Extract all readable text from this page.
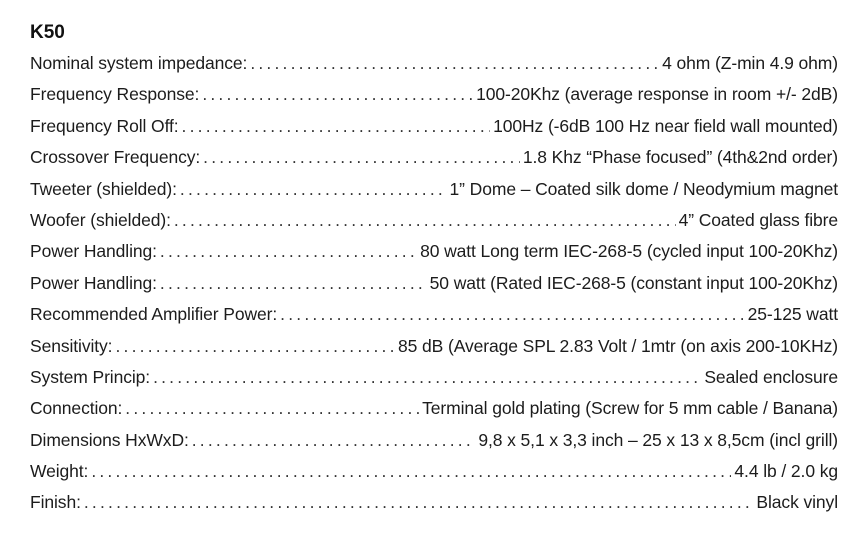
K50
Nominal system impedance: .....	4 ohm (Z-min 4.9 ohm)
Frequency Response: .....	100-20Khz (average response in room +/- 2dB)
Frequency Roll Off: .....	100Hz (-6dB 100 Hz near field wall mounted)
Crossover Frequency: .....	1.8 Khz “Phase focused” (4th&2nd order)
Tweeter (shielded): .....	1” Dome – Coated silk dome / Neodymium magnet
Woofer (shielded): .....	4” Coated glass fibre
Power Handling: .....	80 watt Long term IEC-268-5 (cycled input 100-20Khz)
Power Handling: .....	50 watt (Rated IEC-268-5 (constant input 100-20Khz)
Recommended Amplifier Power: .....	25-125 watt
Sensitivity: .....	85 dB (Average SPL 2.83 Volt / 1mtr (on axis 200-10KHz)
System Princip: .....	Sealed enclosure
Connection: .....	Terminal gold plating (Screw for 5 mm cable / Banana)
Dimensions HxWxD: .....	9,8 x 5,1 x 3,3 inch – 25 x 13 x 8,5cm (incl grill)
Weight: .....	4.4 lb / 2.0 kg
Finish: .....	Black vinyl
